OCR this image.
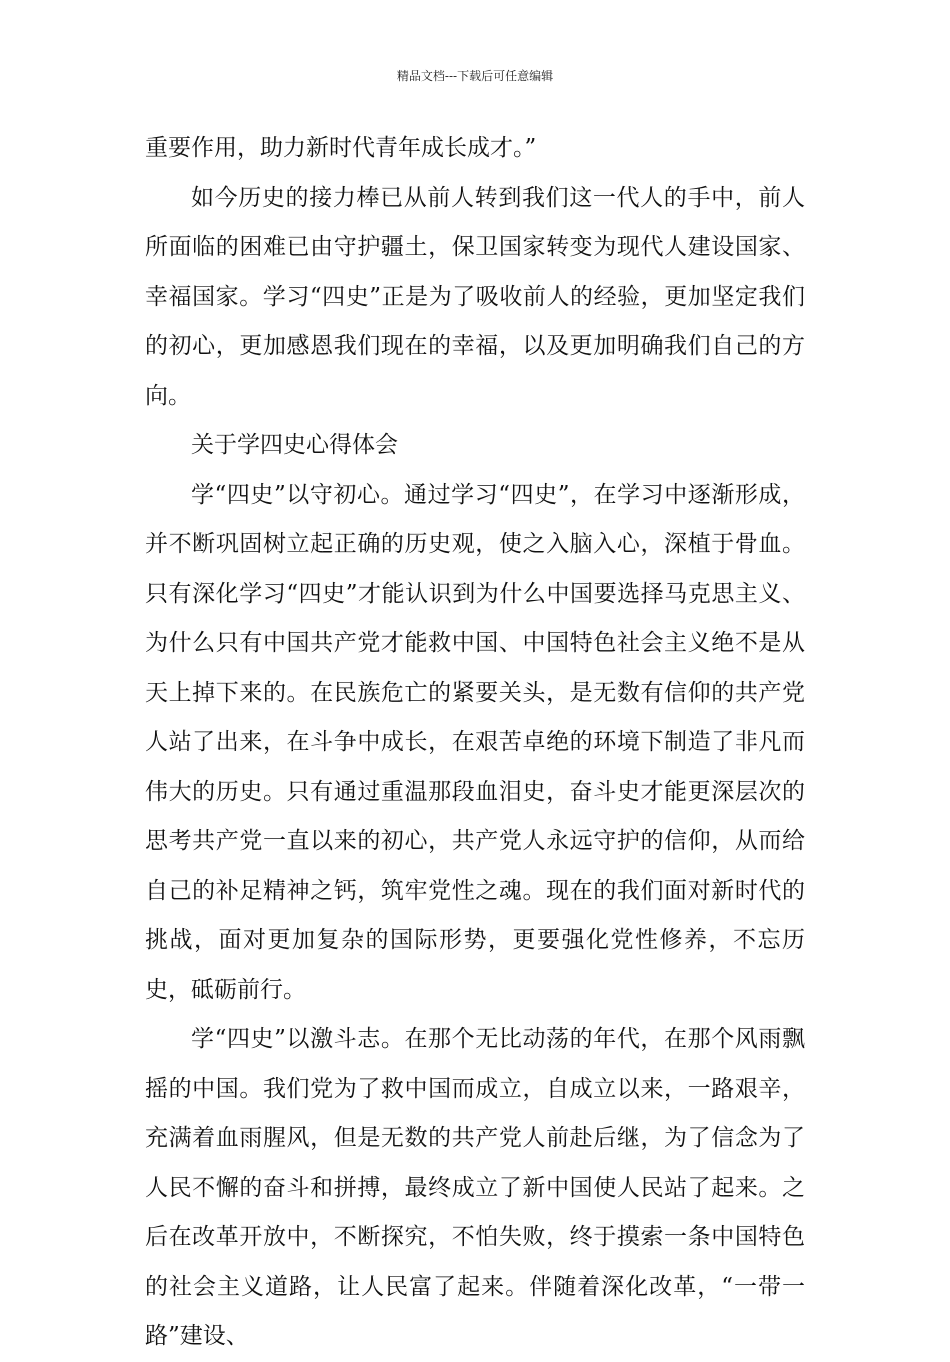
精品文档---下载后可任意编辑

重要作用，助力新时代青年成长成才。”

如今历史的接力棒已从前人转到我们这一代人的手中，前人所面临的困难已由守护疆土，保卫国家转变为现代人建设国家、幸福国家。学习“四史”正是为了吸收前人的经验，更加坚定我们的初心，更加感恩我们现在的幸福，以及更加明确我们自己的方向。

关于学四史心得体会

学“四史”以守初心。通过学习“四史”，在学习中逐渐形成，并不断巩固树立起正确的历史观，使之入脑入心，深植于骨血。只有深化学习“四史”才能认识到为什么中国要选择马克思主义、为什么只有中国共产党才能救中国、中国特色社会主义绝不是从天上掉下来的。在民族危亡的紧要关头，是无数有信仰的共产党人站了出来，在斗争中成长，在艰苦卓绝的环境下制造了非凡而伟大的历史。只有通过重温那段血泪史，奋斗史才能更深层次的思考共产党一直以来的初心，共产党人永远守护的信仰，从而给自己的补足精神之钙，筑牢党性之魂。现在的我们面对新时代的挑战，面对更加复杂的国际形势，更要强化党性修养，不忘历史，砥砺前行。

学“四史”以激斗志。在那个无比动荡的年代，在那个风雨飘摇的中国。我们党为了救中国而成立，自成立以来，一路艰辛，充满着血雨腥风，但是无数的共产党人前赴后继，为了信念为了人民不懈的奋斗和拼搏，最终成立了新中国使人民站了起来。之后在改革开放中，不断探究，不怕失败，终于摸索一条中国特色的社会主义道路，让人民富了起来。伴随着深化改革，“一带一路”建设、
